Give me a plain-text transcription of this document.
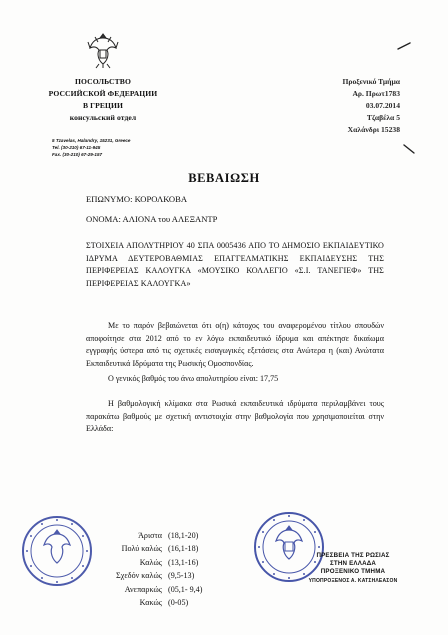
ПОСОЛЬСТВО
РОССИЙСКОЙ ФЕДЕРАЦИИ
В ГРЕЦИИ
консульский отдел
5 Tzavelas, Halandry, 15231, Greece
Tel. (30-210) 67-11-945
Fax. (30-210) 67-29-157
Προξενικό Τμήμα
Αρ. Πρωτ1783
03.07.2014
Τζαβέλα 5
Χαλάνδρι 15238
ΒΕΒΑΙΩΣΗ
ΕΠΩΝΥΜΟ: ΚΟΡΟΛΚΟΒΑ
ΟΝΟΜΑ: ΑΛΙΟΝΑ του ΑΛΕΞΑΝΤΡ
ΣΤΟΙΧΕΙΑ ΑΠΟΛΥΤΗΡΙΟΥ 40 ΣΠΑ 0005436 ΑΠΟ ΤΟ ΔΗΜΟΣΙΟ ΕΚΠΑΙΔΕΥΤΙΚΟ ΙΔΡΥΜΑ ΔΕΥΤΕΡΟΒΑΘΜΙΑΣ ΕΠΑΓΓΕΛΜΑΤΙΚΗΣ ΕΚΠΑΙΔΕΥΣΗΣ ΤΗΣ ΠΕΡΙΦΕΡΕΙΑΣ ΚΑΛΟΥΓΚΑ «ΜΟΥΣΙΚΟ ΚΟΛΛΕΓΙΟ «Σ.Ι. ΤΑΝΕΓΙΕΦ» ΤΗΣ ΠΕΡΙΦΕΡΕΙΑΣ ΚΑΛΟΥΓΚΑ»
Με το παρόν βεβαιώνεται ότι ο(η) κάτοχος του αναφερομένου τίτλου σπουδών αποφοίτησε στα 2012 από το εν λόγω εκπαιδευτικό ίδρυμα και απέκτησε δικαίωμα εγγραφής ύστερα από τις σχετικές εισαγωγικές εξετάσεις στα Ανώτερα η (και) Ανώτατα Εκπαιδευτικά Ιδρύματα της Ρωσικής Ομοσπονδίας.
Ο γενικός βαθμός του άνω απολυτηρίου είναι: 17,75
Η βαθμολογική κλίμακα στα Ρωσικά εκπαιδευτικά ιδρύματα περιλαμβάνει τους παρακάτω βαθμούς με σχετική αντιστοιχία στην βαθμολογία που χρησιμοποιείται στην Ελλάδα:
Άριστα (18,1-20)
Πολύ καλώς (16,1-18)
Καλώς (13,1-16)
Σχεδόν καλώς (9,5-13)
Ανεπαρκώς (05,1- 9,4)
Κακώς (0-05)
ΠΡΕΣΒΕΙΑ ΤΗΣ ΡΩΣΙΑΣ
ΣΤΗΝ ΕΛΛΑΔΑ
ΠΡΟΞΕΝΙΚΟ ΤΜΗΜΑ
ΥΠΟΠΡΟΞΕΝΟΣ Α. ΚΑΤΣΗΛΕΑΣΟΝ
